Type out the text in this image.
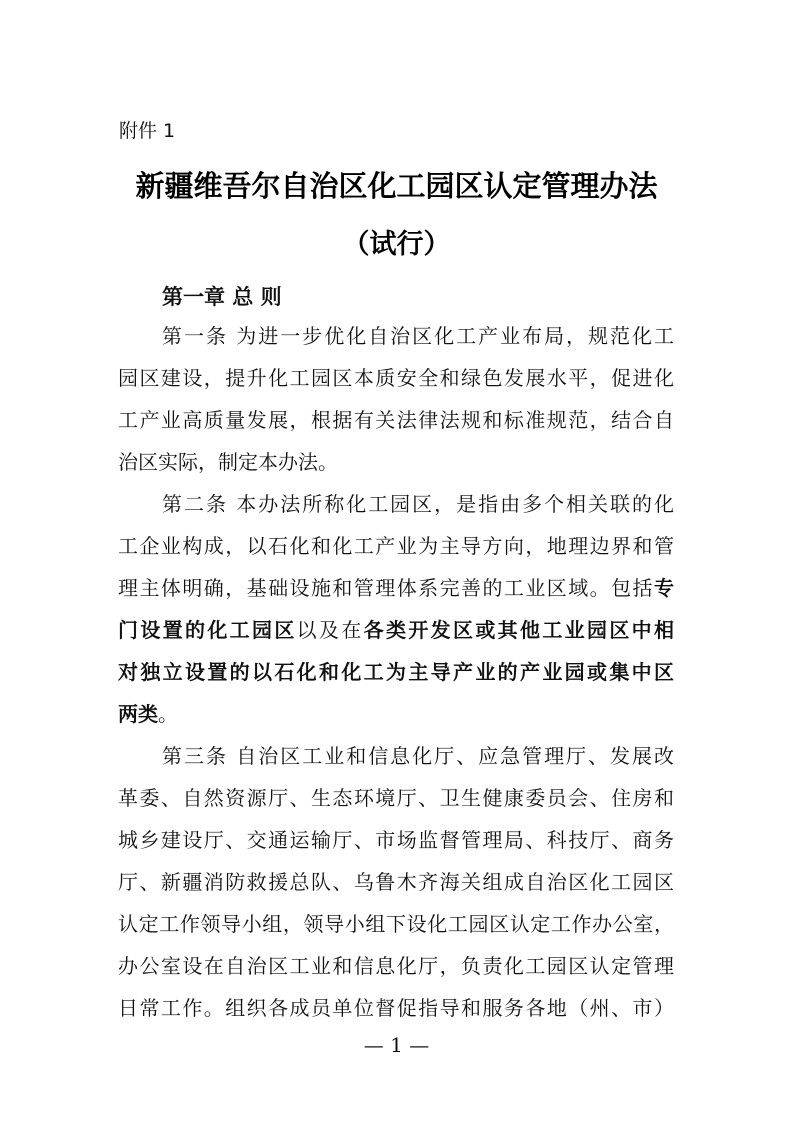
附件 1
新疆维吾尔自治区化工园区认定管理办法
（试行）
第一章 总 则
第一条 为进一步优化自治区化工产业布局，规范化工
园区建设，提升化工园区本质安全和绿色发展水平，促进化
工产业高质量发展，根据有关法律法规和标准规范，结合自
治区实际，制定本办法。
第二条 本办法所称化工园区，是指由多个相关联的化
工企业构成，以石化和化工产业为主导方向，地理边界和管
理主体明确，基础设施和管理体系完善的工业区域。包括专
门设置的化工园区以及在各类开发区或其他工业园区中相
对独立设置的以石化和化工为主导产业的产业园或集中区
两类。
第三条 自治区工业和信息化厅、应急管理厅、发展改
革委、自然资源厅、生态环境厅、卫生健康委员会、住房和
城乡建设厅、交通运输厅、市场监督管理局、科技厅、商务
厅、新疆消防救援总队、乌鲁木齐海关组成自治区化工园区
认定工作领导小组，领导小组下设化工园区认定工作办公室，
办公室设在自治区工业和信息化厅，负责化工园区认定管理
日常工作。组织各成员单位督促指导和服务各地（州、市）
— 1 —
